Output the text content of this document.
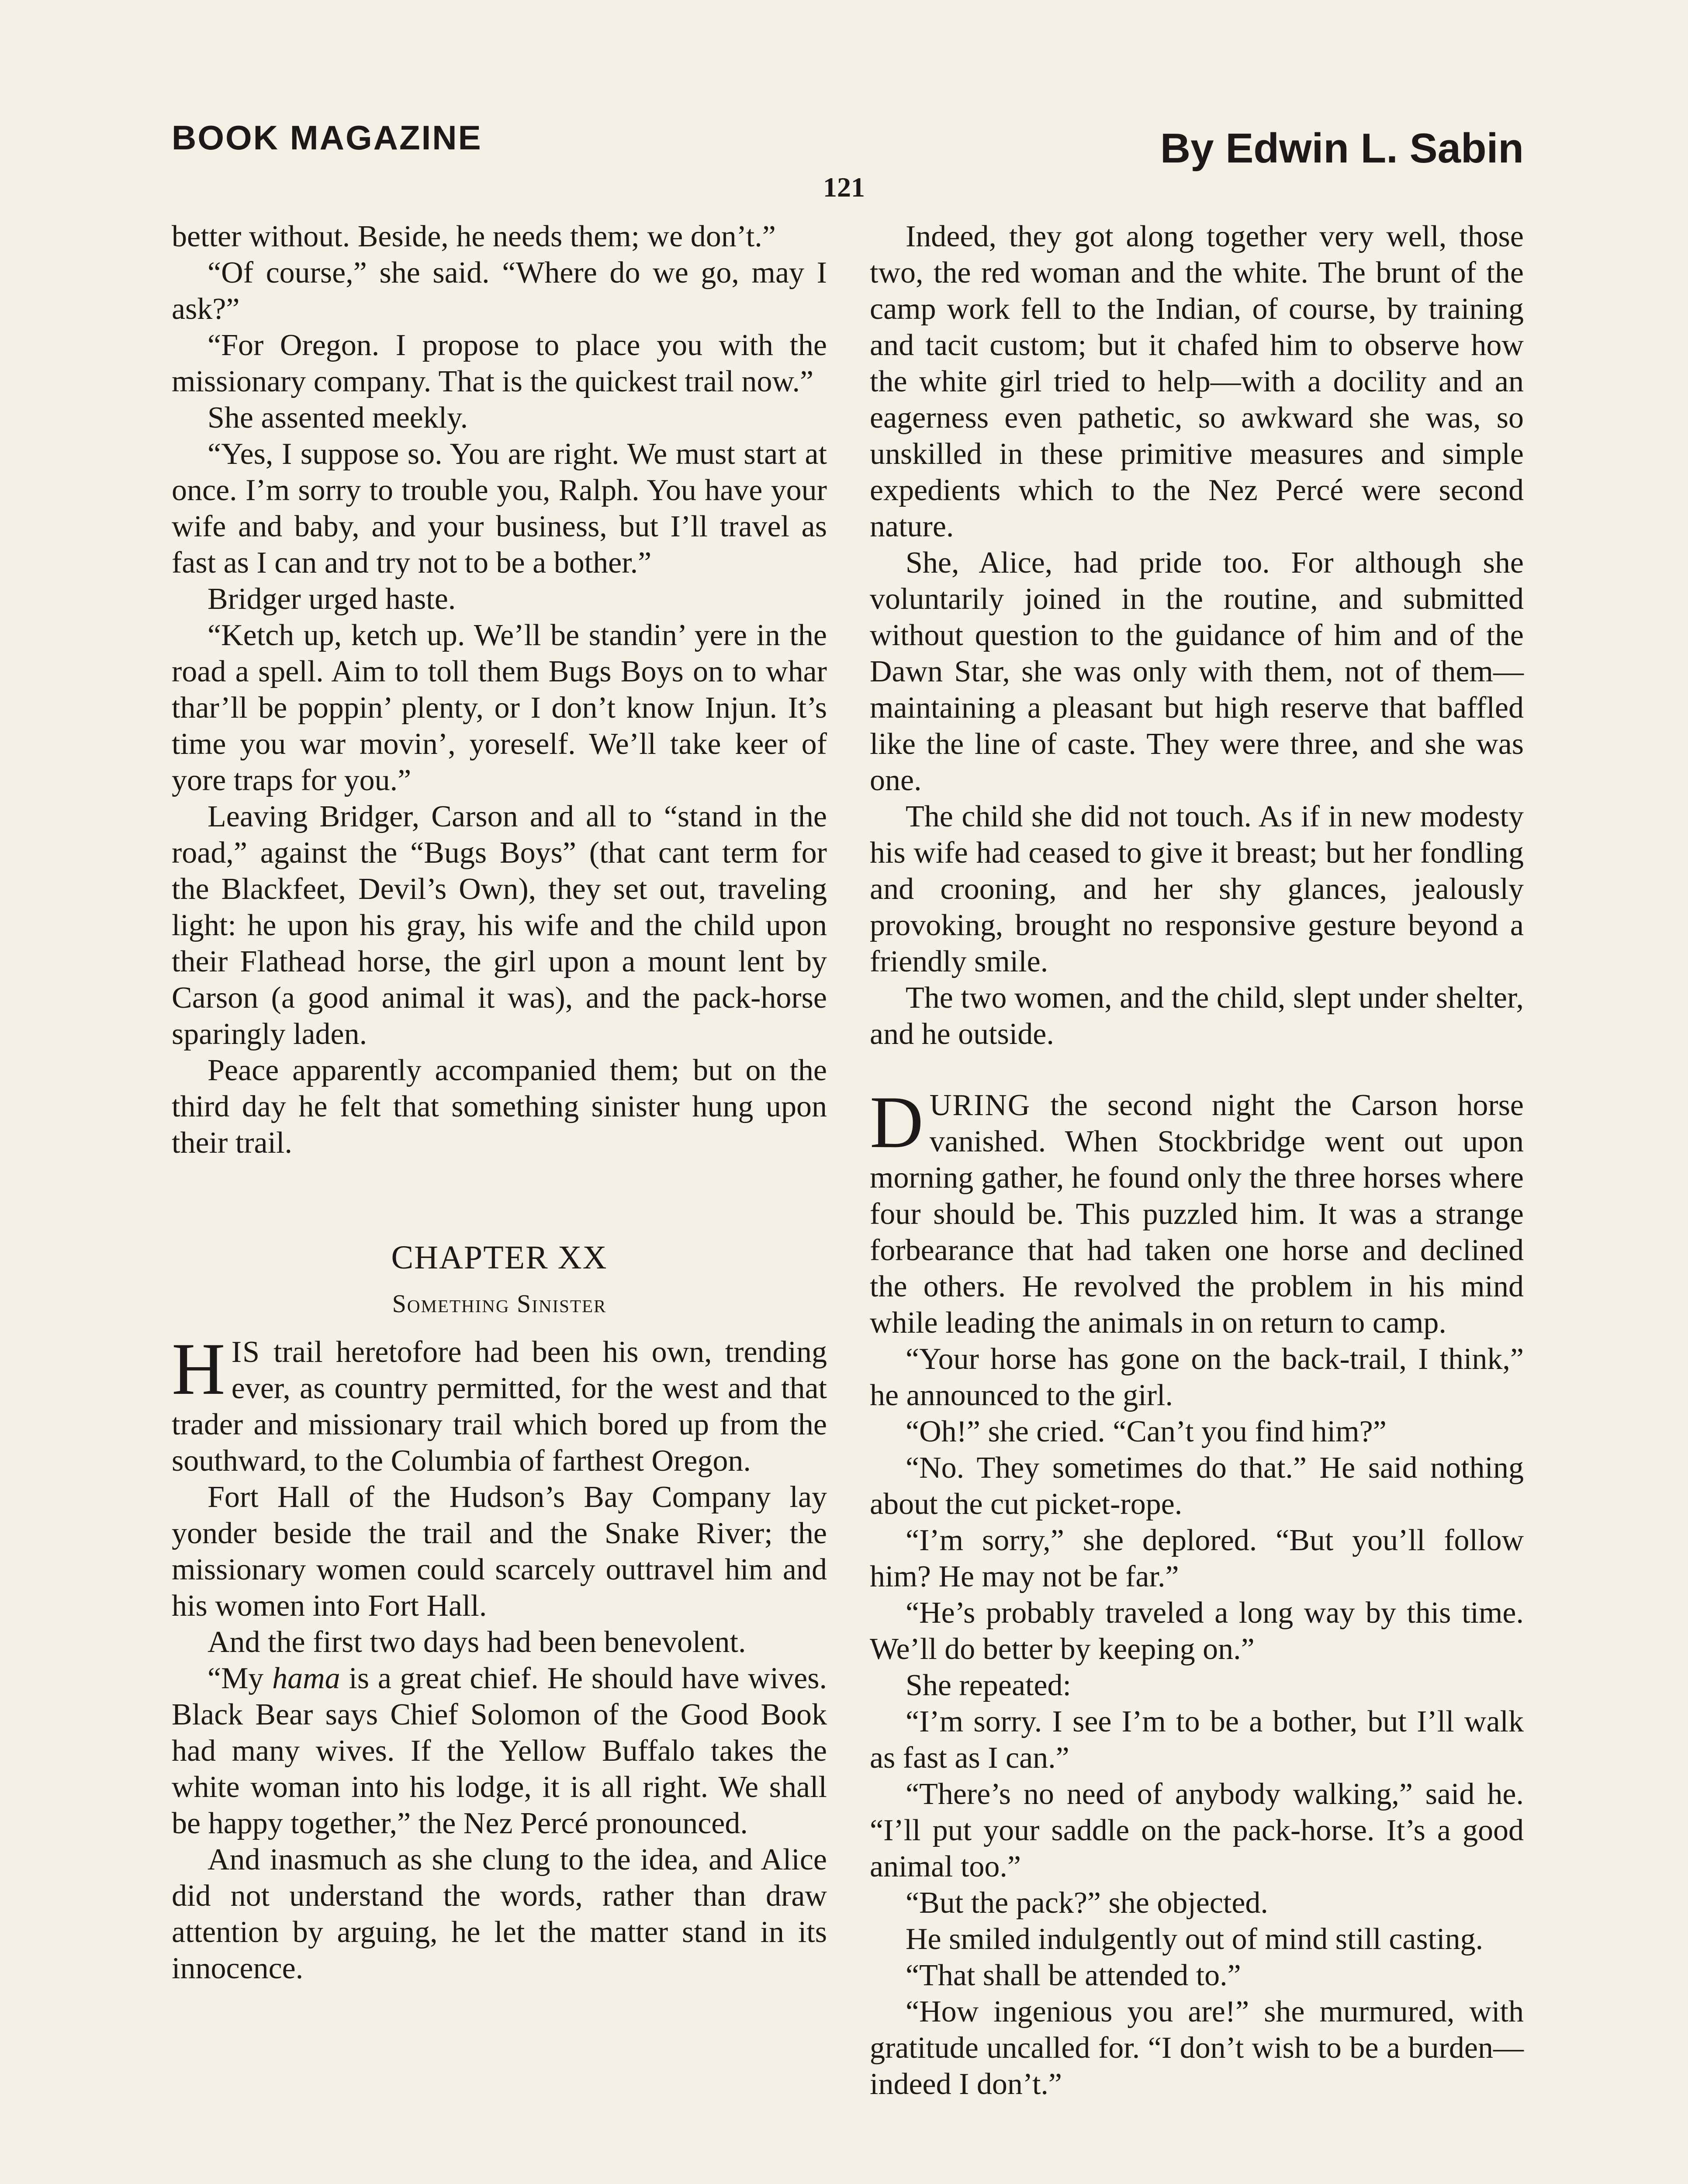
BOOK MAGAZINE	By Edwin L. Sabin
121

better without. Beside, he needs them; we don’t.”

“Of course,” she said. “Where do we go, may I ask?”

“For Oregon. I propose to place you with the missionary company. That is the quickest trail now.”

She assented meekly.

“Yes, I suppose so. You are right. We must start at once. I’m sorry to trouble you, Ralph. You have your wife and baby, and your business, but I’ll travel as fast as I can and try not to be a bother.”

Bridger urged haste.

“Ketch up, ketch up. We’ll be standin’ yere in the road a spell. Aim to toll them Bugs Boys on to whar thar’ll be poppin’ plenty, or I don’t know Injun. It’s time you war movin’, yoreself. We’ll take keer of yore traps for you.”

Leaving Bridger, Carson and all to “stand in the road,” against the “Bugs Boys” (that cant term for the Blackfeet, Devil’s Own), they set out, traveling light: he upon his gray, his wife and the child upon their Flathead horse, the girl upon a mount lent by Carson (a good animal it was), and the pack-horse sparingly laden.

Peace apparently accompanied them; but on the third day he felt that something sinister hung upon their trail.

CHAPTER XX
Something Sinister

HIS trail heretofore had been his own, trending ever, as country permitted, for the west and that trader and missionary trail which bored up from the southward, to the Columbia of farthest Oregon.

Fort Hall of the Hudson’s Bay Company lay yonder beside the trail and the Snake River; the missionary women could scarcely outtravel him and his women into Fort Hall.

And the first two days had been benevolent.

“My hama is a great chief. He should have wives. Black Bear says Chief Solomon of the Good Book had many wives. If the Yellow Buffalo takes the white woman into his lodge, it is all right. We shall be happy together,” the Nez Percé pronounced.

And inasmuch as she clung to the idea, and Alice did not understand the words, rather than draw attention by arguing, he let the matter stand in its innocence.

Indeed, they got along together very well, those two, the red woman and the white. The brunt of the camp work fell to the Indian, of course, by training and tacit custom; but it chafed him to observe how the white girl tried to help—with a docility and an eagerness even pathetic, so awkward she was, so unskilled in these primitive measures and simple expedients which to the Nez Percé were second nature.

She, Alice, had pride too. For although she voluntarily joined in the routine, and submitted without question to the guidance of him and of the Dawn Star, she was only with them, not of them—maintaining a pleasant but high reserve that baffled like the line of caste. They were three, and she was one.

The child she did not touch. As if in new modesty his wife had ceased to give it breast; but her fondling and crooning, and her shy glances, jealously provoking, brought no responsive gesture beyond a friendly smile.

The two women, and the child, slept under shelter, and he outside.

DURING the second night the Carson horse vanished. When Stockbridge went out upon morning gather, he found only the three horses where four should be. This puzzled him. It was a strange forbearance that had taken one horse and declined the others. He revolved the problem in his mind while leading the animals in on return to camp.

“Your horse has gone on the back-trail, I think,” he announced to the girl.

“Oh!” she cried. “Can’t you find him?”

“No. They sometimes do that.” He said nothing about the cut picket-rope.

“I’m sorry,” she deplored. “But you’ll follow him? He may not be far.”

“He’s probably traveled a long way by this time. We’ll do better by keeping on.”

She repeated:

“I’m sorry. I see I’m to be a bother, but I’ll walk as fast as I can.”

“There’s no need of anybody walking,” said he. “I’ll put your saddle on the pack-horse. It’s a good animal too.”

“But the pack?” she objected.

He smiled indulgently out of mind still casting.

“That shall be attended to.”

“How ingenious you are!” she murmured, with gratitude uncalled for. “I don’t wish to be a burden—indeed I don’t.”
